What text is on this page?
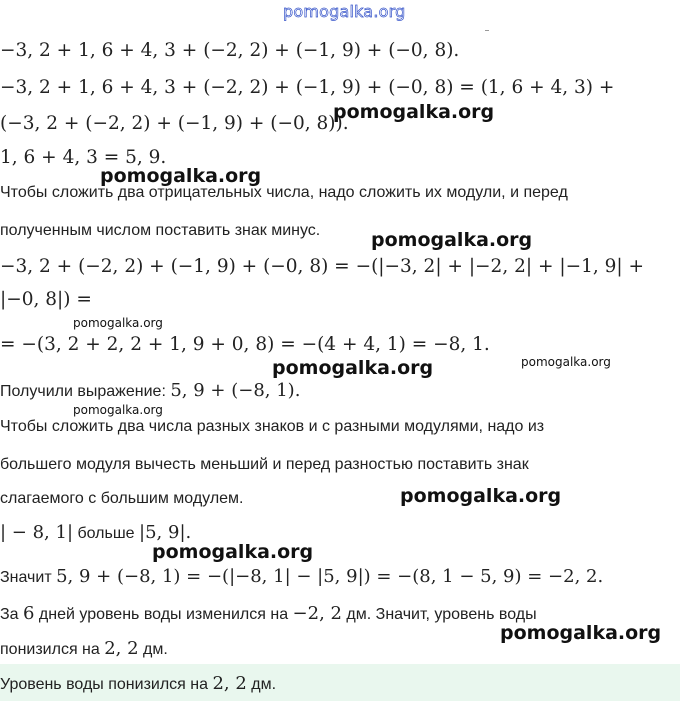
pomogalka.org
−3, 2 + 1, 6 + 4, 3 + (−2, 2) + (−1, 9) + (−0, 8).
−3, 2 + 1, 6 + 4, 3 + (−2, 2) + (−1, 9) + (−0, 8) = (1, 6 + 4, 3) +
(−3, 2 + (−2, 2) + (−1, 9) + (−0, 8)).
1, 6 + 4, 3 = 5, 9.
Чтобы сложить два отрицательных числа, надо сложить их модули, и перед
полученным числом поставить знак минус.
−3, 2 + (−2, 2) + (−1, 9) + (−0, 8) = −(|−3, 2| + |−2, 2| + |−1, 9| +
|−0, 8|) =
= −(3, 2 + 2, 2 + 1, 9 + 0, 8) = −(4 + 4, 1) = −8, 1.
Получили выражение: 5, 9 + (−8, 1).
Чтобы сложить два числа разных знаков и с разными модулями, надо из
большего модуля вычесть меньший и перед разностью поставить знак
слагаемого с большим модулем.
| − 8, 1| больше |5, 9|.
Значит 5, 9 + (−8, 1) = −(|−8, 1| − |5, 9|) = −(8, 1 − 5, 9) = −2, 2.
За 6 дней уровень воды изменился на −2, 2 дм. Значит, уровень воды
понизился на 2, 2 дм.
Уровень воды понизился на 2, 2 дм.
pomogalka.org
pomogalka.org
pomogalka.org
pomogalka.org
pomogalka.org	pomogalka.org
pomogalka.org
pomogalka.org
pomogalka.org
pomogalka.org
